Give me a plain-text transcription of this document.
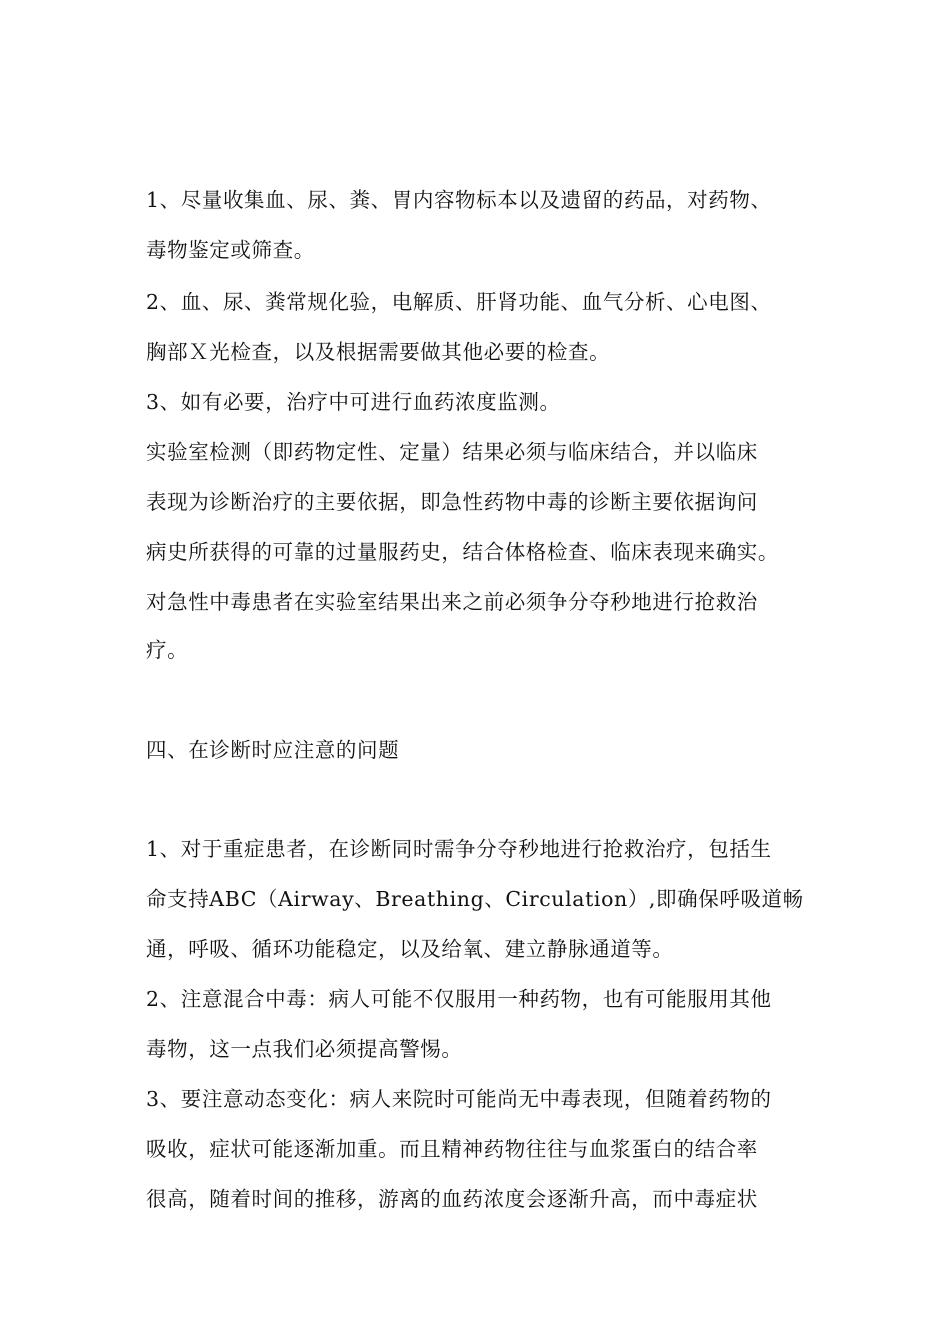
1、尽量收集血、尿、粪、胃内容物标本以及遗留的药品，对药物、
毒物鉴定或筛查。
2、血、尿、粪常规化验，电解质、肝肾功能、血气分析、心电图、
胸部Ｘ光检查，以及根据需要做其他必要的检查。
3、如有必要，治疗中可进行血药浓度监测。
实验室检测（即药物定性、定量）结果必须与临床结合，并以临床
表现为诊断治疗的主要依据，即急性药物中毒的诊断主要依据询问
病史所获得的可靠的过量服药史，结合体格检查、临床表现来确实。
对急性中毒患者在实验室结果出来之前必须争分夺秒地进行抢救治
疗。
四、在诊断时应注意的问题
1、对于重症患者，在诊断同时需争分夺秒地进行抢救治疗，包括生
命支持ABC（Airway、Breathing、Circulation）,即确保呼吸道畅
通，呼吸、循环功能稳定，以及给氧、建立静脉通道等。
2、注意混合中毒：病人可能不仅服用一种药物，也有可能服用其他
毒物，这一点我们必须提高警惕。
3、要注意动态变化：病人来院时可能尚无中毒表现，但随着药物的
吸收，症状可能逐渐加重。而且精神药物往往与血浆蛋白的结合率
很高，随着时间的推移，游离的血药浓度会逐渐升高，而中毒症状
